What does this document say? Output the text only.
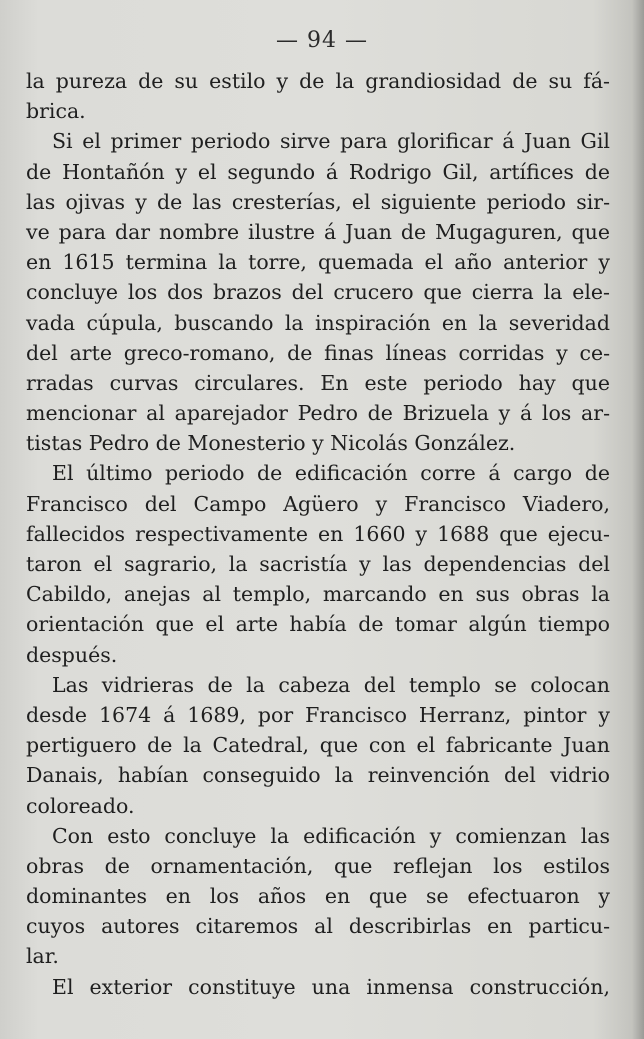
— 94 —
la pureza de su estilo y de la grandiosidad de su fá-
brica.
Si el primer periodo sirve para glorificar á Juan Gil
de Hontañón y el segundo á Rodrigo Gil, artífices de
las ojivas y de las cresterías, el siguiente periodo sir-
ve para dar nombre ilustre á Juan de Mugaguren, que
en 1615 termina la torre, quemada el año anterior y
concluye los dos brazos del crucero que cierra la ele-
vada cúpula, buscando la inspiración en la severidad
del arte greco-romano, de finas líneas corridas y ce-
rradas curvas circulares. En este periodo hay que
mencionar al aparejador Pedro de Brizuela y á los ar-
tistas Pedro de Monesterio y Nicolás González.
El último periodo de edificación corre á cargo de
Francisco del Campo Agüero y Francisco Viadero,
fallecidos respectivamente en 1660 y 1688 que ejecu-
taron el sagrario, la sacristía y las dependencias del
Cabildo, anejas al templo, marcando en sus obras la
orientación que el arte había de tomar algún tiempo
después.
Las vidrieras de la cabeza del templo se colocan
desde 1674 á 1689, por Francisco Herranz, pintor y
pertiguero de la Catedral, que con el fabricante Juan
Danais, habían conseguido la reinvención del vidrio
coloreado.
Con esto concluye la edificación y comienzan las
obras de ornamentación, que reflejan los estilos
dominantes en los años en que se efectuaron y
cuyos autores citaremos al describirlas en particu-
lar.
El exterior constituye una inmensa construcción,
